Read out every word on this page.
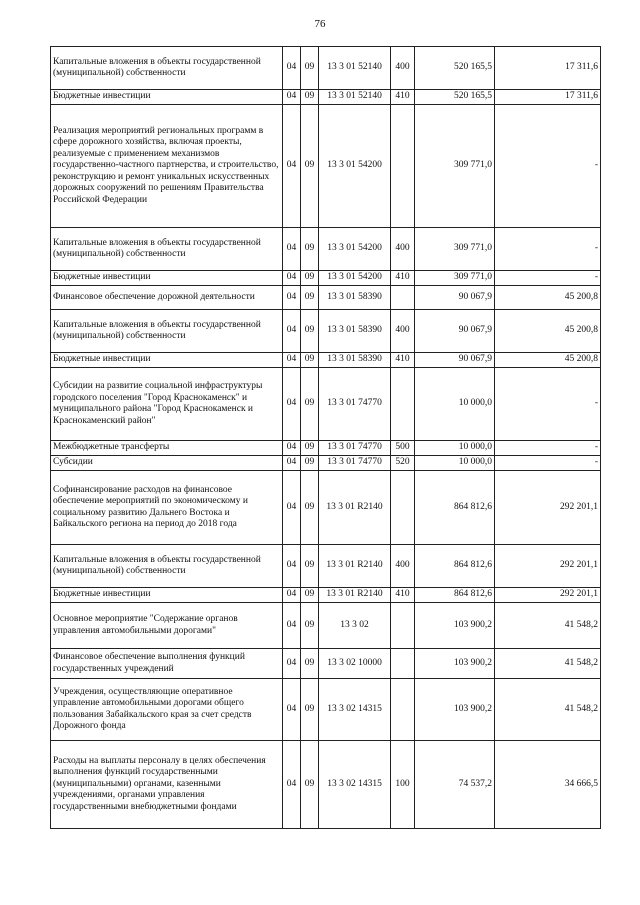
76
Капитальные вложения в объекты государственной (муниципальной) собственности	04	09	13 3 01 52140	400	520 165,5	17 311,6
Бюджетные инвестиции	04	09	13 3 01 52140	410	520 165,5	17 311,6
Реализация мероприятий региональных программ в сфере дорожного хозяйства, включая проекты, реализуемые с применением механизмов государственно-частного партнерства, и строительство, реконструкцию и ремонт уникальных искусственных дорожных сооружений по решениям Правительства Российской Федерации	04	09	13 3 01 54200		309 771,0	-
Капитальные вложения в объекты государственной (муниципальной) собственности	04	09	13 3 01 54200	400	309 771,0	-
Бюджетные инвестиции	04	09	13 3 01 54200	410	309 771,0	-
Финансовое обеспечение дорожной деятельности	04	09	13 3 01 58390		90 067,9	45 200,8
Капитальные вложения в объекты государственной (муниципальной) собственности	04	09	13 3 01 58390	400	90 067,9	45 200,8
Бюджетные инвестиции	04	09	13 3 01 58390	410	90 067,9	45 200,8
Субсидии на развитие социальной инфраструктуры городского поселения "Город Краснокаменск" и муниципального района "Город Краснокаменск и Краснокаменский район"	04	09	13 3 01 74770		10 000,0	-
Межбюджетные трансферты	04	09	13 3 01 74770	500	10 000,0	-
Субсидии	04	09	13 3 01 74770	520	10 000,0	-
Софинансирование расходов на финансовое обеспечение мероприятий по экономическому и социальному развитию Дальнего Востока и Байкальского региона на период до 2018 года	04	09	13 3 01 R2140		864 812,6	292 201,1
Капитальные вложения в объекты государственной (муниципальной) собственности	04	09	13 3 01 R2140	400	864 812,6	292 201,1
Бюджетные инвестиции	04	09	13 3 01 R2140	410	864 812,6	292 201,1
Основное мероприятие "Содержание органов управления автомобильными дорогами"	04	09	13 3 02		103 900,2	41 548,2
Финансовое обеспечение выполнения функций государственных учреждений	04	09	13 3 02 10000		103 900,2	41 548,2
Учреждения, осуществляющие оперативное управление автомобильными дорогами общего пользования Забайкальского края за счет средств Дорожного фонда	04	09	13 3 02 14315		103 900,2	41 548,2
Расходы на выплаты персоналу в целях обеспечения выполнения функций государственными (муниципальными) органами, казенными учреждениями, органами управления государственными внебюджетными фондами	04	09	13 3 02 14315	100	74 537,2	34 666,5
